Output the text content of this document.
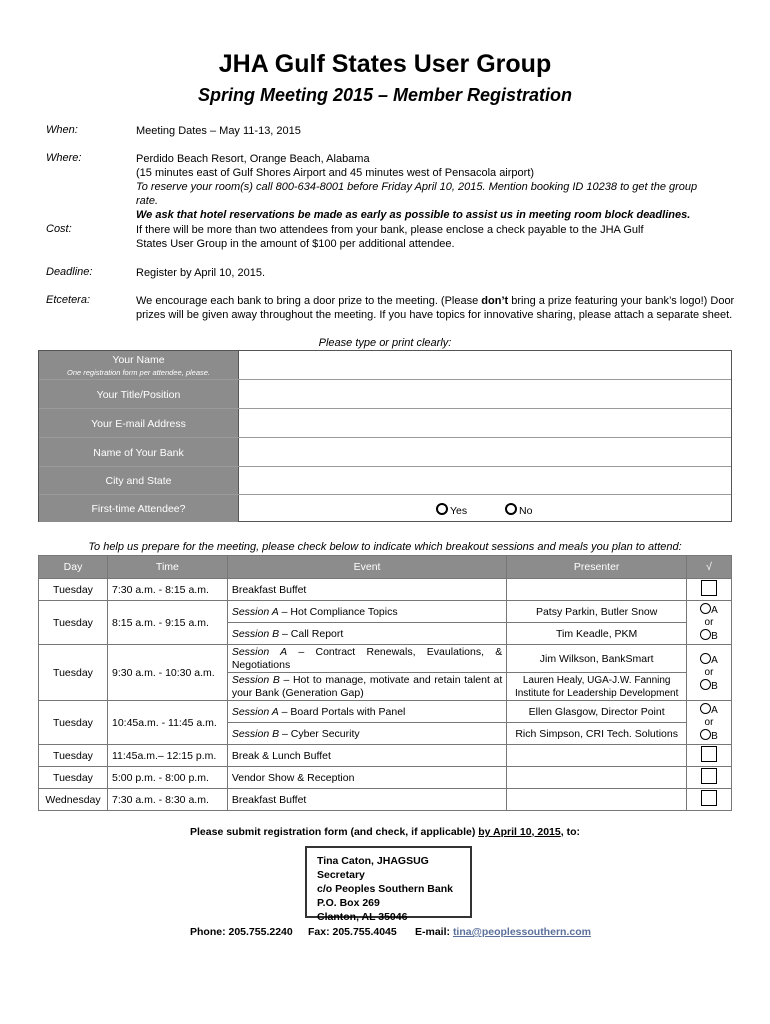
JHA Gulf States User Group
Spring Meeting 2015 – Member Registration
When:	Meeting Dates – May 11-13, 2015
Where:	Perdido Beach Resort, Orange Beach, Alabama
(15 minutes east of Gulf Shores Airport and 45 minutes west of Pensacola airport)
To reserve your room(s) call 800-634-8001 before Friday April 10, 2015. Mention booking ID 10238 to get the group rate.
We ask that hotel reservations be made as early as possible to assist us in meeting room block deadlines.
Cost:	If there will be more than two attendees from your bank, please enclose a check payable to the JHA Gulf
States User Group in the amount of $100 per additional attendee.
Deadline:	Register by April 10, 2015.
Etcetera:	We encourage each bank to bring a door prize to the meeting. (Please don’t bring a prize featuring your bank’s logo!) Door
prizes will be given away throughout the meeting. If you have topics for innovative sharing, please attach a separate sheet.
Please type or print clearly:
Your Name
One registration form per attendee, please.
Your Title/Position
Your E-mail Address
Name of Your Bank
City and State
First-time Attendee?	Yes	No
To help us prepare for the meeting, please check below to indicate which breakout sessions and meals you plan to attend:
Day	Time	Event	Presenter	√
Tuesday	7:30 a.m. - 8:15 a.m.	Breakfast Buffet		
Tuesday	8:15 a.m. - 9:15 a.m.	Session A – Hot Compliance Topics	Patsy Parkin, Butler Snow	A
or
B

		Session B – Call Report	Tim Keadle, PKM	
Tuesday	9:30 a.m. - 10:30 a.m.	Session A – Contract Renewals, Evaulations, & Negotiations	Jim Wilkson, BankSmart	A
or
B

		Session B – Hot to manage, motivate and retain talent at your Bank (Generation Gap)	Lauren Healy, UGA-J.W. Fanning Institute for Leadership Development	
Tuesday	10:45a.m. - 11:45 a.m.	Session A – Board Portals with Panel	Ellen Glasgow, Director Point	A
or
B

		Session B – Cyber Security	Rich Simpson, CRI Tech. Solutions	
Tuesday	11:45a.m.– 12:15 p.m.	Break & Lunch Buffet		
Tuesday	5:00 p.m. - 8:00 p.m.	Vendor Show & Reception		
Wednesday	7:30 a.m. - 8:30 a.m.	Breakfast Buffet		
Please submit registration form (and check, if applicable) by April 10, 2015, to:
Tina Caton, JHAGSUG Secretary
c/o Peoples Southern Bank
P.O. Box 269
Clanton, AL 35046
Phone: 205.755.2240 Fax: 205.755.4045 E-mail: tina@peoplessouthern.com
